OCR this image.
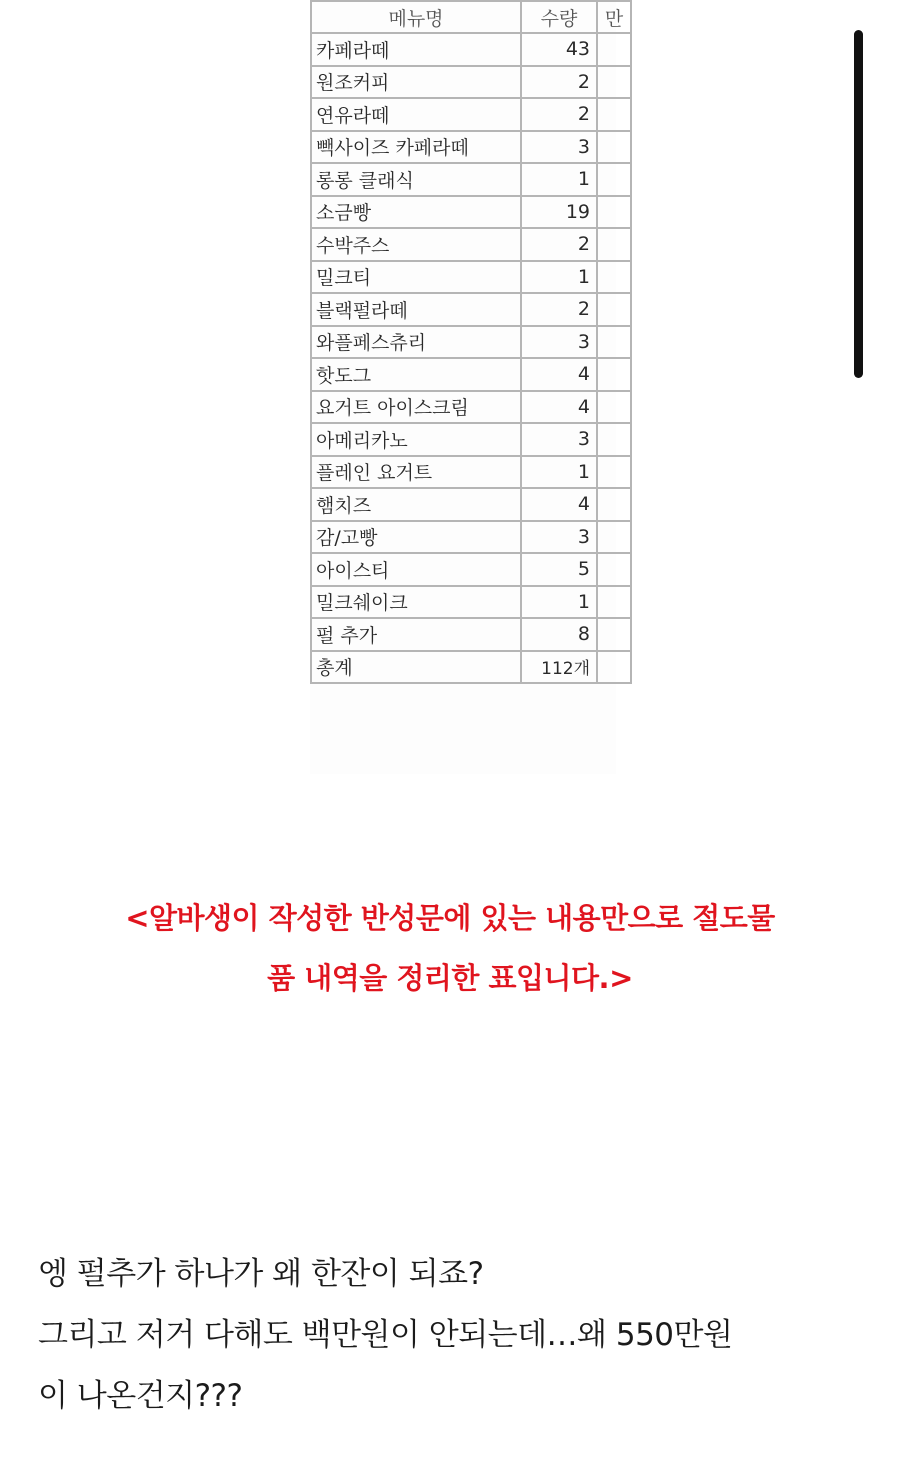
메뉴명	수량	만
카페라떼	43	
원조커피	2	
연유라떼	2	
빽사이즈 카페라떼	3	
롱롱 클래식	1	
소금빵	19	
수박주스	2	
밀크티	1	
블랙펄라떼	2	
와플페스츄리	3	
핫도그	4	
요거트 아이스크림	4	
아메리카노	3	
플레인 요거트	1	
햄치즈	4	
감/고빵	3	
아이스티	5	
밀크쉐이크	1	
펄 추가	8	
총계	112개	
<알바생이 작성한 반성문에 있는 내용만으로 절도물
품 내역을 정리한 표입니다.>
엥 펄추가 하나가 왜 한잔이 되죠?
그리고 저거 다해도 백만원이 안되는데…왜 550만원
이 나온건지???
